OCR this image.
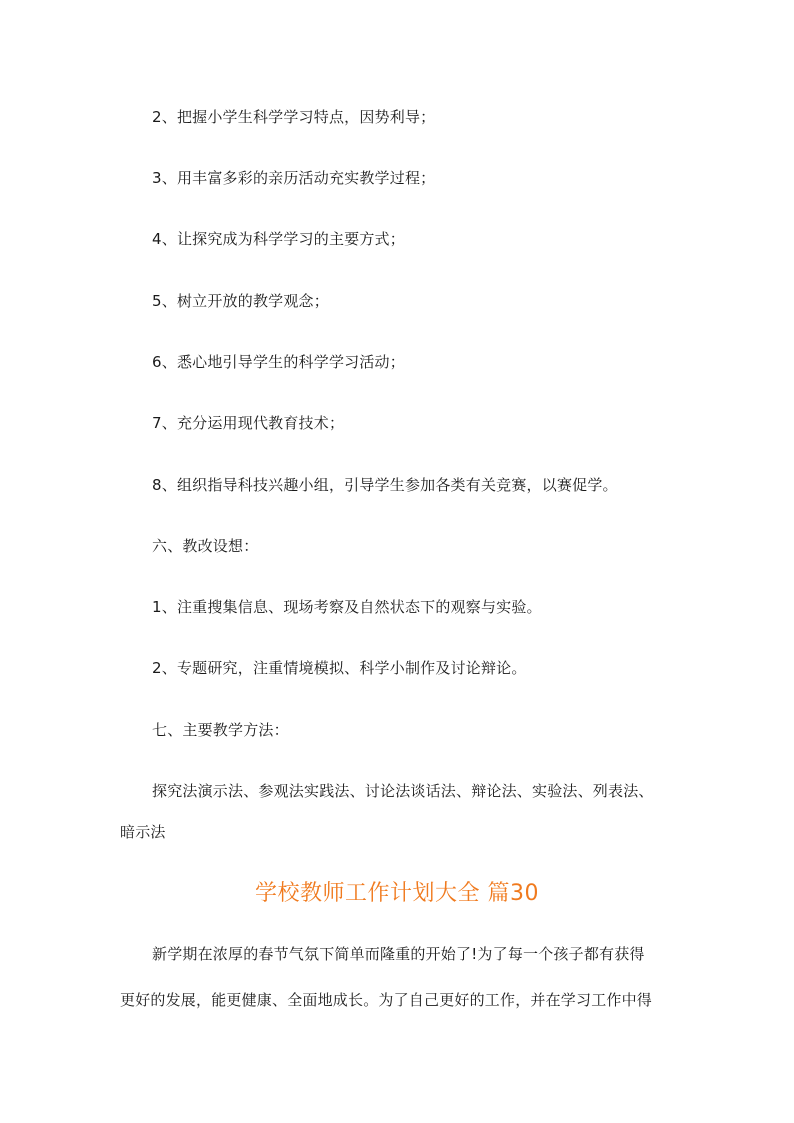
2、把握小学生科学学习特点，因势利导；
3、用丰富多彩的亲历活动充实教学过程；
4、让探究成为科学学习的主要方式；
5、树立开放的教学观念；
6、悉心地引导学生的科学学习活动；
7、充分运用现代教育技术；
8、组织指导科技兴趣小组，引导学生参加各类有关竞赛，以赛促学。
六、教改设想：
1、注重搜集信息、现场考察及自然状态下的观察与实验。
2、专题研究，注重情境模拟、科学小制作及讨论辩论。
七、主要教学方法：
探究法演示法、参观法实践法、讨论法谈话法、辩论法、实验法、列表法、
暗示法
学校教师工作计划大全 篇30
新学期在浓厚的春节气氛下简单而隆重的开始了!为了每一个孩子都有获得
更好的发展，能更健康、全面地成长。为了自己更好的工作，并在学习工作中得
